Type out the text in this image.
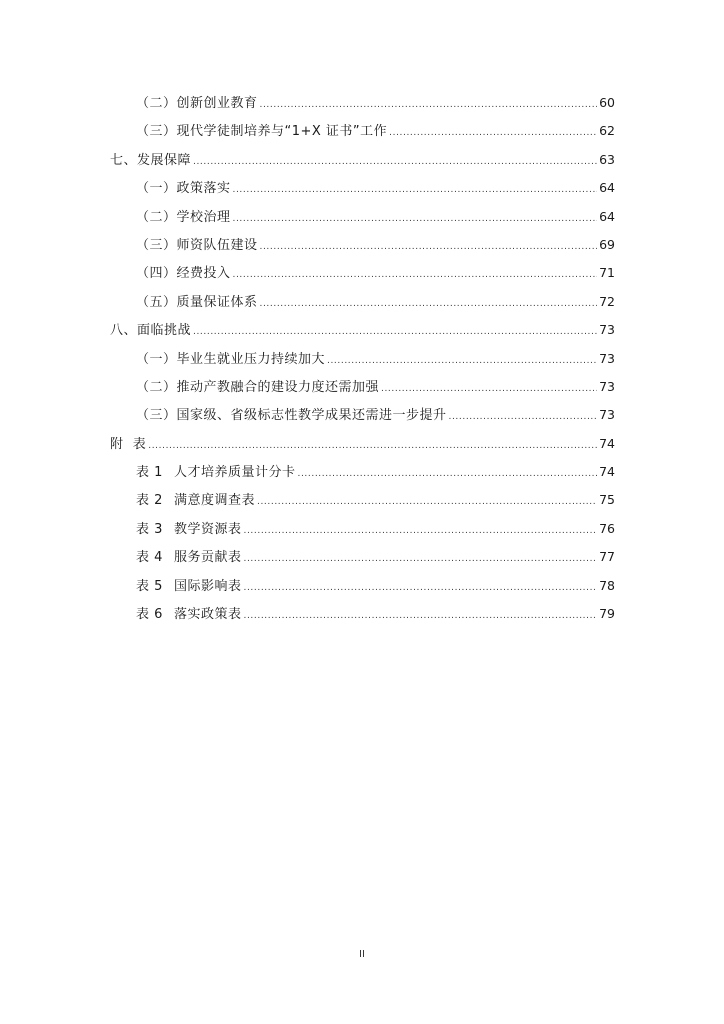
（二）创新创业教育 .....	60
（三）现代学徒制培养与“1+X 证书”工作 .....	62
七、发展保障 .....	63
（一）政策落实 .....	64
（二）学校治理 .....	64
（三）师资队伍建设 .....	69
（四）经费投入 .....	71
（五）质量保证体系 .....	72
八、面临挑战 .....	73
（一）毕业生就业压力持续加大 .....	73
（二）推动产教融合的建设力度还需加强 .....	73
（三）国家级、省级标志性教学成果还需进一步提升 .....	73
附  表 .....	74
表 1 人才培养质量计分卡 .....	74
表 2 满意度调查表 .....	75
表 3 教学资源表 .....	76
表 4 服务贡献表 .....	77
表 5 国际影响表 .....	78
表 6 落实政策表 .....	79
II
